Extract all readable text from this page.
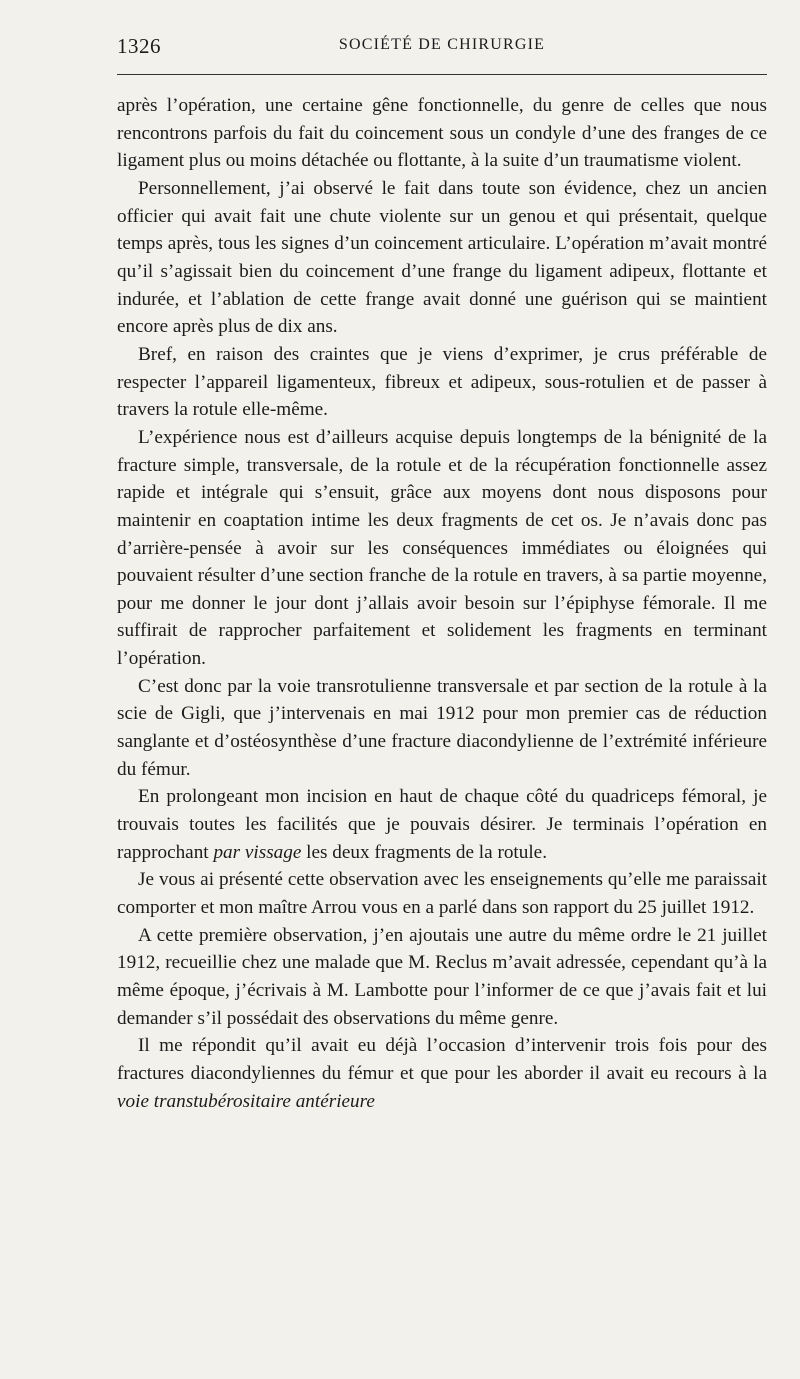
1326	SOCIÉTÉ DE CHIRURGIE

après l’opération, une certaine gêne fonctionnelle, du genre de celles que nous rencontrons parfois du fait du coincement sous un condyle d’une des franges de ce ligament plus ou moins détachée ou flottante, à la suite d’un traumatisme violent.

Personnellement, j’ai observé le fait dans toute son évidence, chez un ancien officier qui avait fait une chute violente sur un genou et qui présentait, quelque temps après, tous les signes d’un coincement articulaire. L’opération m’avait montré qu’il s’agissait bien du coincement d’une frange du ligament adipeux, flottante et indurée, et l’ablation de cette frange avait donné une guérison qui se maintient encore après plus de dix ans.

Bref, en raison des craintes que je viens d’exprimer, je crus préférable de respecter l’appareil ligamenteux, fibreux et adipeux, sous-rotulien et de passer à travers la rotule elle-même.

L’expérience nous est d’ailleurs acquise depuis longtemps de la bénignité de la fracture simple, transversale, de la rotule et de la récupération fonctionnelle assez rapide et intégrale qui s’ensuit, grâce aux moyens dont nous disposons pour maintenir en coaptation intime les deux fragments de cet os. Je n’avais donc pas d’arrière-pensée à avoir sur les conséquences immédiates ou éloignées qui pouvaient résulter d’une section franche de la rotule en travers, à sa partie moyenne, pour me donner le jour dont j’allais avoir besoin sur l’épiphyse fémorale. Il me suffirait de rapprocher parfaitement et solidement les fragments en terminant l’opération.

C’est donc par la voie transrotulienne transversale et par section de la rotule à la scie de Gigli, que j’intervenais en mai 1912 pour mon premier cas de réduction sanglante et d’ostéosynthèse d’une fracture diacondylienne de l’extrémité inférieure du fémur.

En prolongeant mon incision en haut de chaque côté du quadriceps fémoral, je trouvais toutes les facilités que je pouvais désirer. Je terminais l’opération en rapprochant par vissage les deux fragments de la rotule.

Je vous ai présenté cette observation avec les enseignements qu’elle me paraissait comporter et mon maître Arrou vous en a parlé dans son rapport du 25 juillet 1912.

A cette première observation, j’en ajoutais une autre du même ordre le 21 juillet 1912, recueillie chez une malade que M. Reclus m’avait adressée, cependant qu’à la même époque, j’écrivais à M. Lambotte pour l’informer de ce que j’avais fait et lui demander s’il possédait des observations du même genre.

Il me répondit qu’il avait eu déjà l’occasion d’intervenir trois fois pour des fractures diacondyliennes du fémur et que pour les aborder il avait eu recours à la voie transtubérositaire antérieure
